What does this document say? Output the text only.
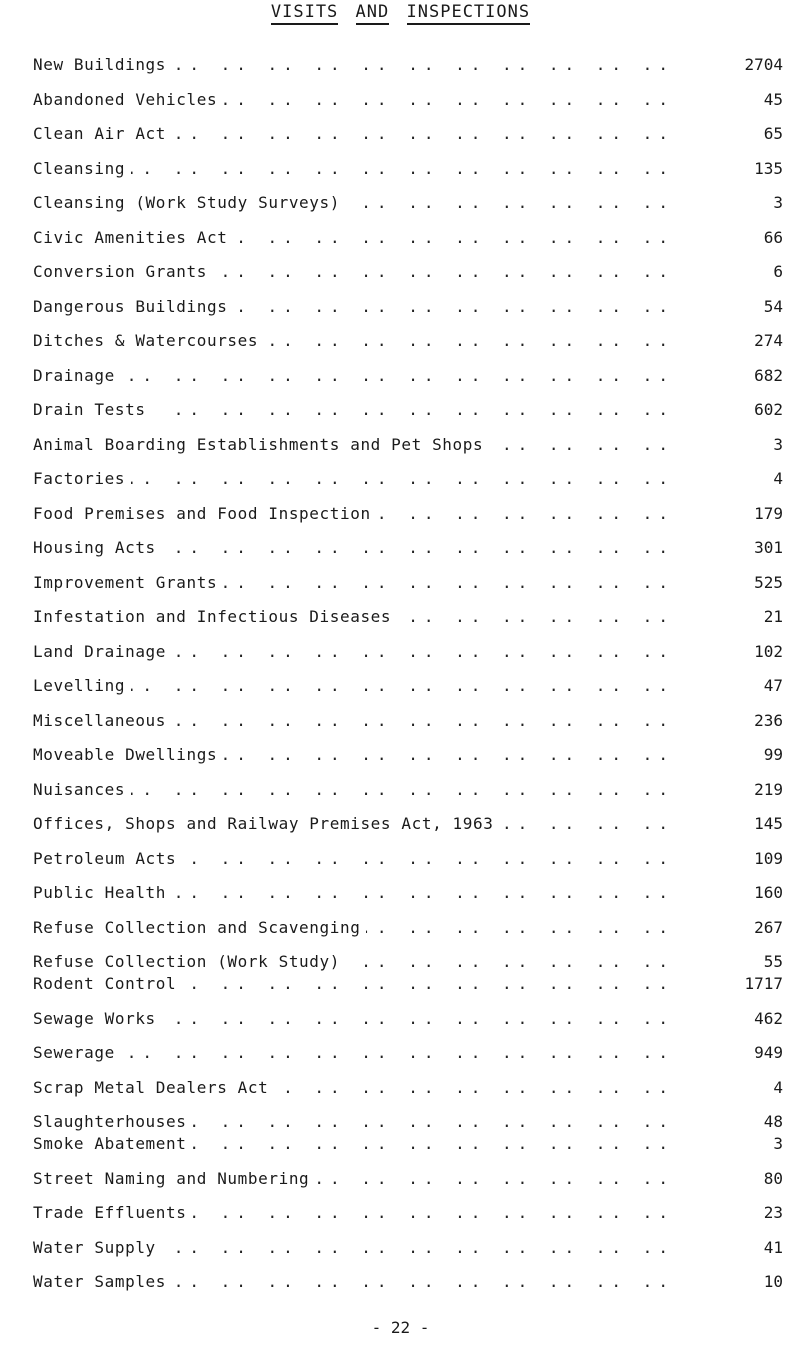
VISITS AND INSPECTIONS
.. ..
New Buildings	2704
.. ..
Abandoned Vehicles	45
.. ..
Clean Air Act	65
.. ..
Cleansing	135
.. ..
Cleansing (Work Study Surveys)	3
.. ..
Civic Amenities Act	66
.. ..
Conversion Grants	6
.. ..
Dangerous Buildings	54
.. ..
Ditches & Watercourses	274
.. ..
Drainage	682
.. ..
Drain Tests	602
.. ..
Animal Boarding Establishments and Pet Shops	3
.. ..
Factories	4
.. ..
Food Premises and Food Inspection	179
.. ..
Housing Acts	301
.. ..
Improvement Grants	525
.. ..
Infestation and Infectious Diseases	21
.. ..
Land Drainage	102
.. ..
Levelling	47
.. ..
Miscellaneous	236
.. ..
Moveable Dwellings	99
.. ..
Nuisances	219
.. ..
Offices, Shops and Railway Premises Act, 1963	145
.. ..
Petroleum Acts	109
.. ..
Public Health	160
.. ..
Refuse Collection and Scavenging	267
.. ..
Refuse Collection (Work Study)	55
.. ..
Rodent Control	1717
.. ..
Sewage Works	462
.. ..
Sewerage	949
.. ..
Scrap Metal Dealers Act	4
.. ..
Slaughterhouses	48
.. ..
Smoke Abatement	3
.. ..
Street Naming and Numbering	80
.. ..
Trade Effluents	23
.. ..
Water Supply	41
.. ..
Water Samples	10
- 22 -
